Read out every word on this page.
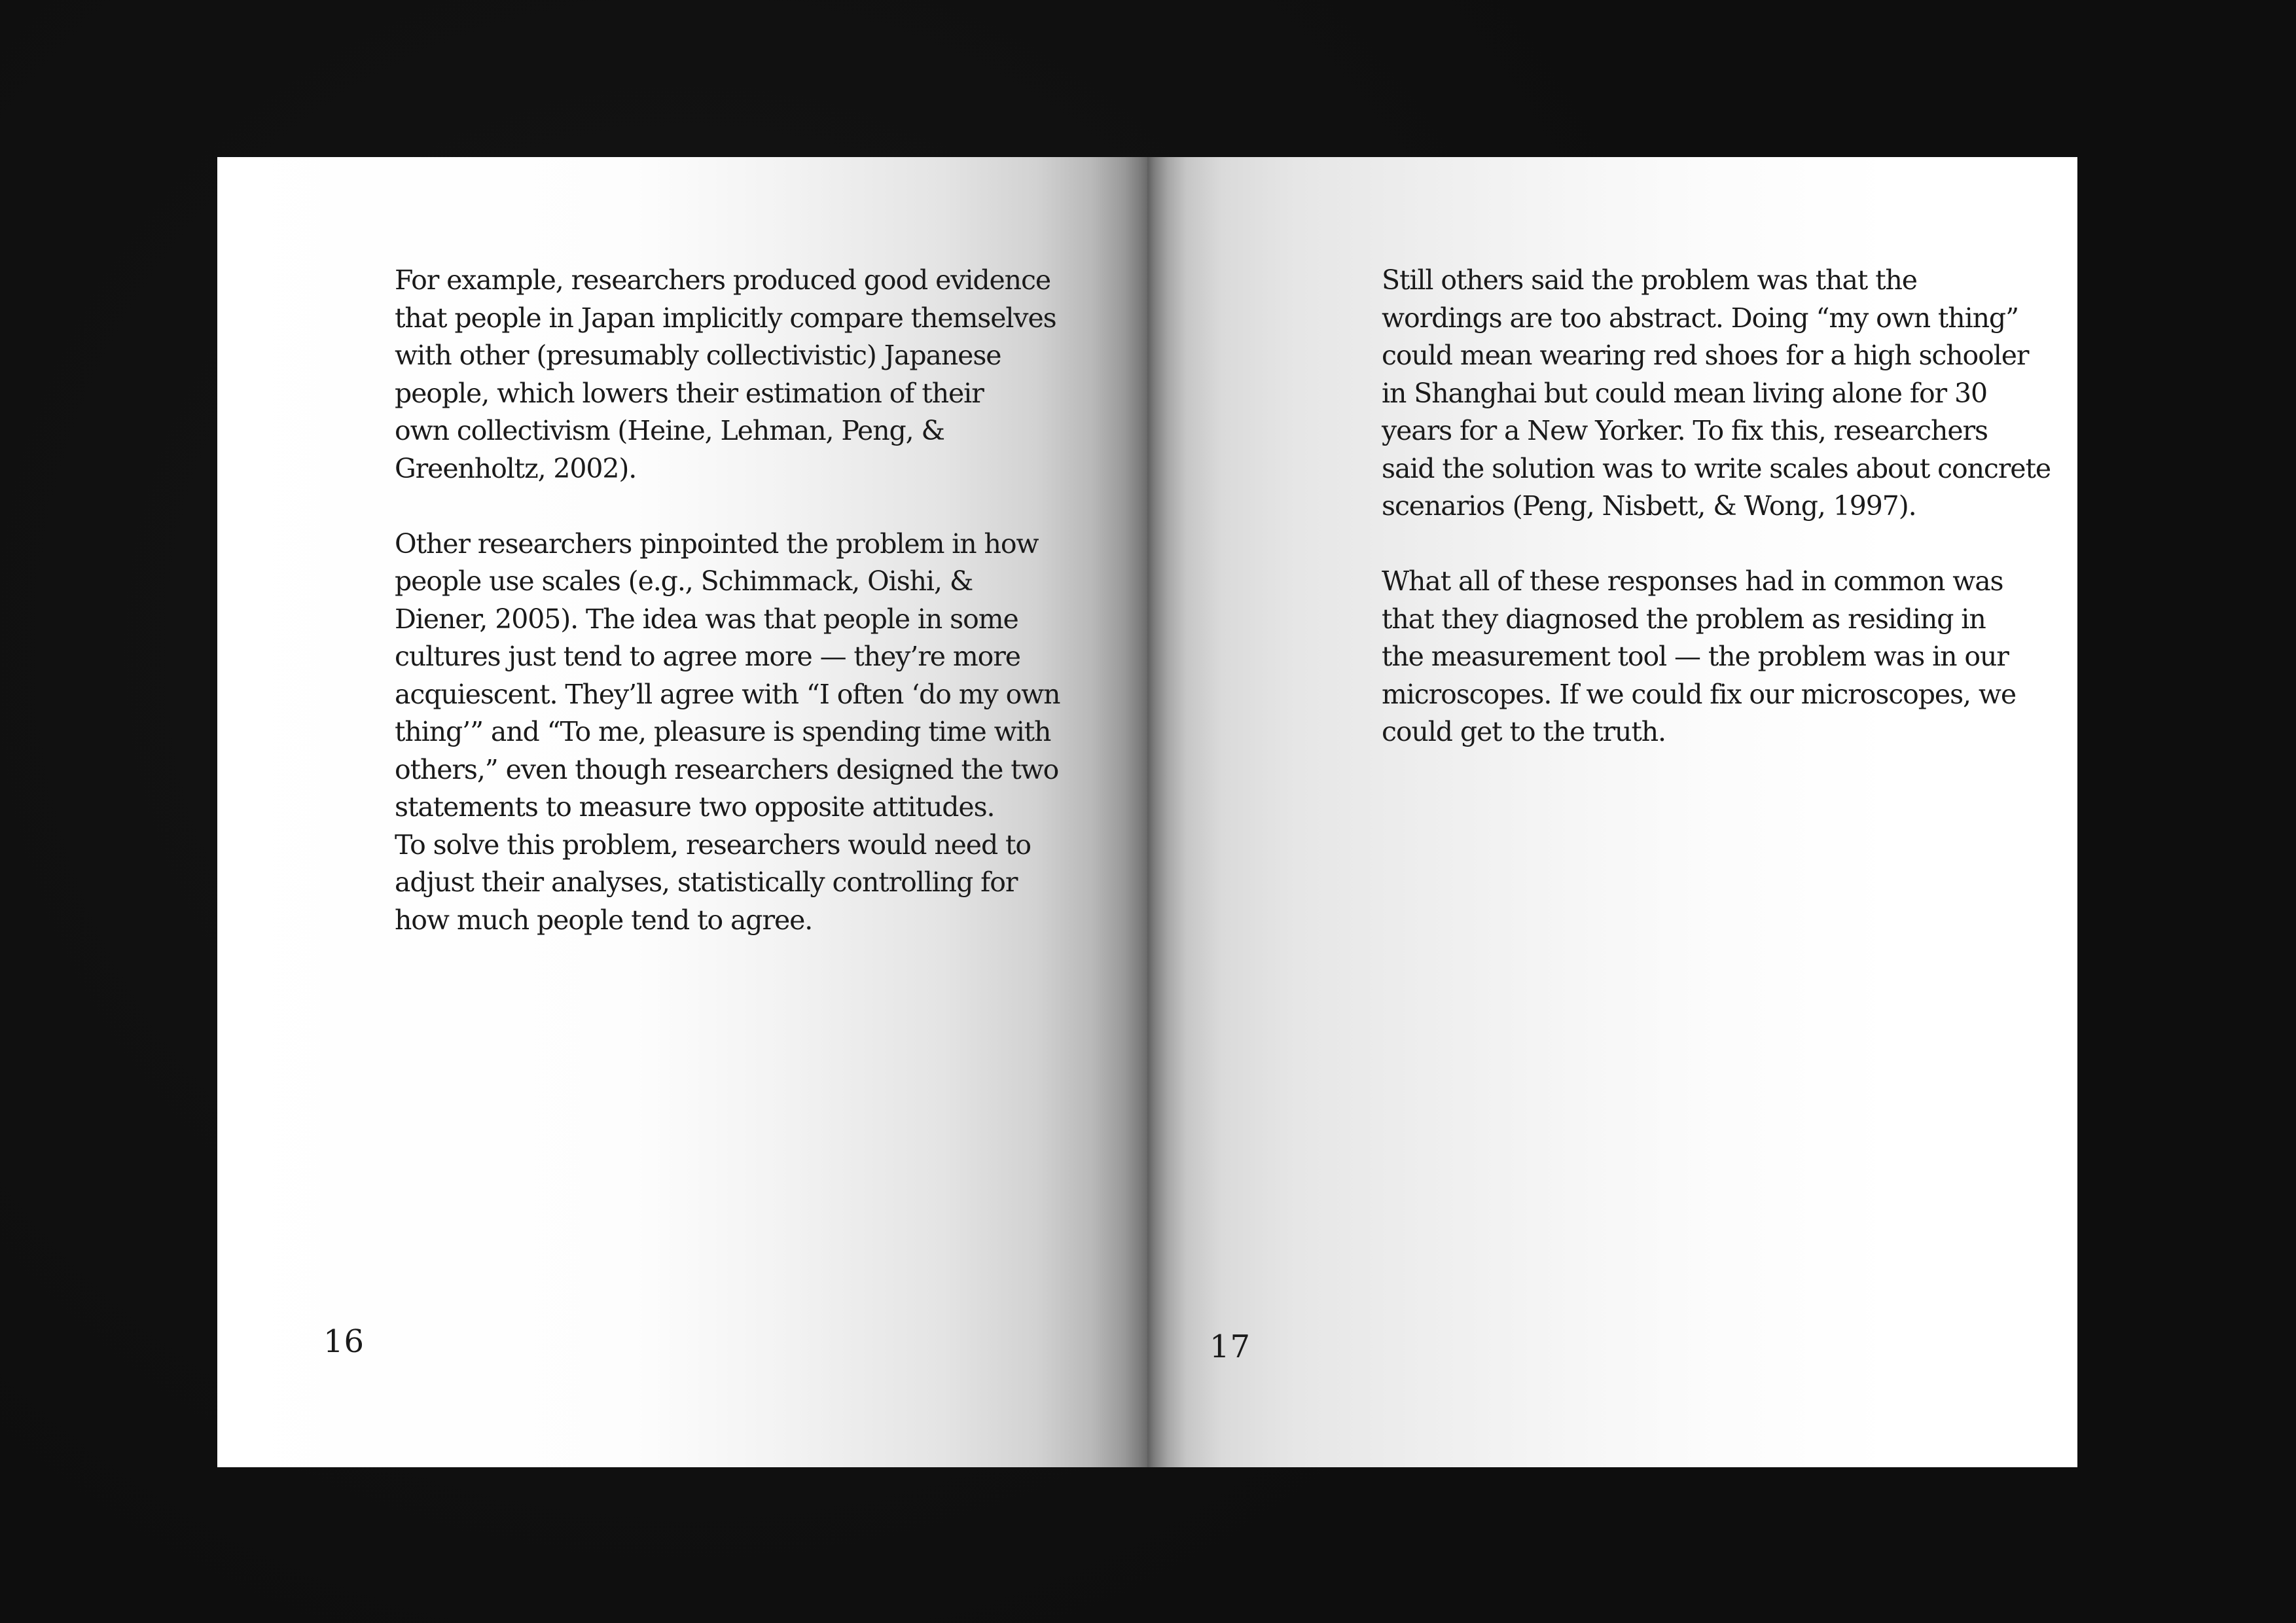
For example, researchers produced good evidence
that people in Japan implicitly compare themselves
with other (presumably collectivistic) Japanese
people, which lowers their estimation of their
own collectivism (Heine, Lehman, Peng, &
Greenholtz, 2002).

Other researchers pinpointed the problem in how
people use scales (e.g., Schimmack, Oishi, &
Diener, 2005). The idea was that people in some
cultures just tend to agree more — they’re more
acquiescent. They’ll agree with “I often ‘do my own
thing’” and “To me, pleasure is spending time with
others,” even though researchers designed the two
statements to measure two opposite attitudes.
To solve this problem, researchers would need to
adjust their analyses, statistically controlling for
how much people tend to agree.

16

Still others said the problem was that the
wordings are too abstract. Doing “my own thing”
could mean wearing red shoes for a high schooler
in Shanghai but could mean living alone for 30
years for a New Yorker. To fix this, researchers
said the solution was to write scales about concrete
scenarios (Peng, Nisbett, & Wong, 1997).

What all of these responses had in common was
that they diagnosed the problem as residing in
the measurement tool — the problem was in our
microscopes. If we could fix our microscopes, we
could get to the truth.

17
